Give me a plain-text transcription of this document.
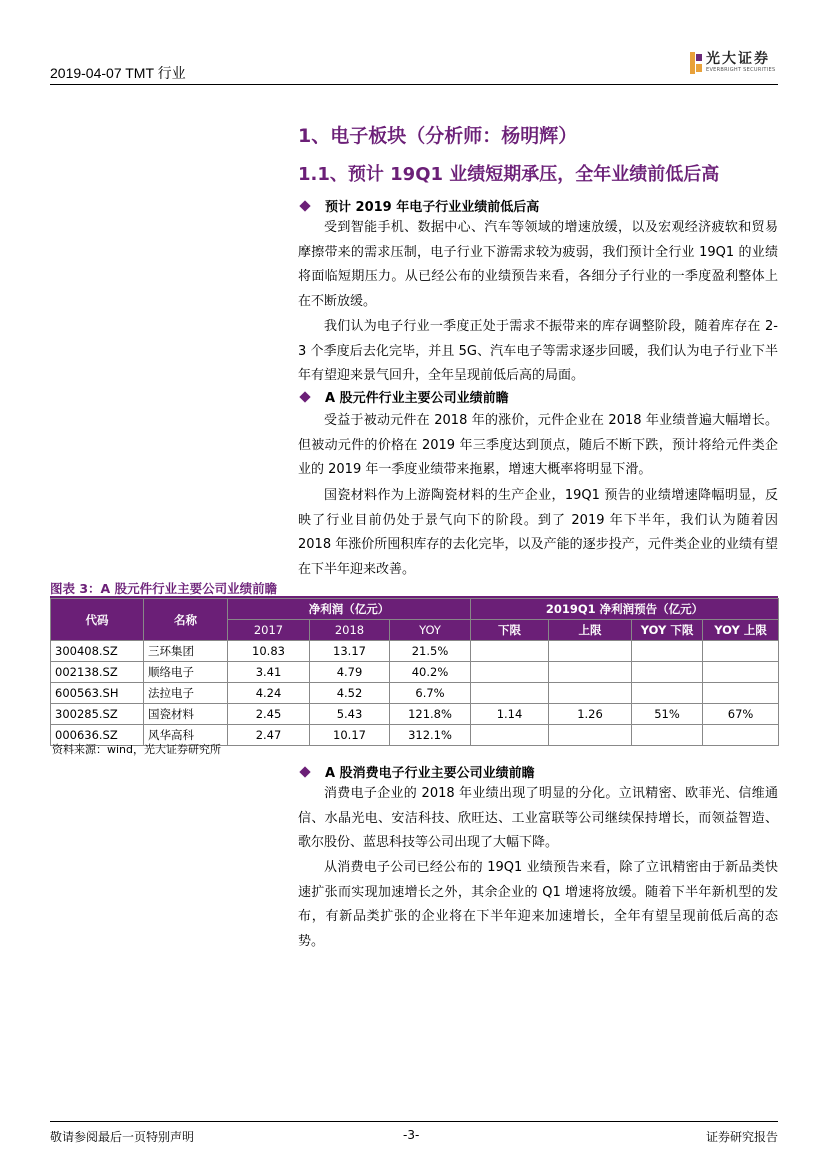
2019-04-07 TMT 行业
光大证券
EVERBRIGHT SECURITIES
1、电子板块（分析师：杨明辉）
1.1、预计 19Q1 业绩短期承压，全年业绩前低后高
预计 2019 年电子行业业绩前低后高
受到智能手机、数据中心、汽车等领域的增速放缓，以及宏观经济疲软和贸易摩擦带来的需求压制，电子行业下游需求较为疲弱，我们预计全行业 19Q1 的业绩将面临短期压力。从已经公布的业绩预告来看，各细分子行业的一季度盈利整体上在不断放缓。
我们认为电子行业一季度正处于需求不振带来的库存调整阶段，随着库存在 2-3 个季度后去化完毕，并且 5G、汽车电子等需求逐步回暖，我们认为电子行业下半年有望迎来景气回升，全年呈现前低后高的局面。
A 股元件行业主要公司业绩前瞻
受益于被动元件在 2018 年的涨价，元件企业在 2018 年业绩普遍大幅增长。但被动元件的价格在 2019 年三季度达到顶点，随后不断下跌，预计将给元件类企业的 2019 年一季度业绩带来拖累，增速大概率将明显下滑。
国瓷材料作为上游陶瓷材料的生产企业，19Q1 预告的业绩增速降幅明显，反映了行业目前仍处于景气向下的阶段。到了 2019 年下半年，我们认为随着因 2018 年涨价所囤积库存的去化完毕，以及产能的逐步投产，元件类企业的业绩有望在下半年迎来改善。
图表 3：A 股元件行业主要公司业绩前瞻
代码	名称	净利润（亿元）			2019Q1 净利润预告（亿元）			
		2017	2018	YOY	下限	上限	YOY 下限	YOY 上限
300408.SZ	三环集团	10.83	13.17	21.5%				
002138.SZ	顺络电子	3.41	4.79	40.2%				
600563.SH	法拉电子	4.24	4.52	6.7%				
300285.SZ	国瓷材料	2.45	5.43	121.8%	1.14	1.26	51%	67%
000636.SZ	风华高科	2.47	10.17	312.1%				
资料来源：wind，光大证券研究所
A 股消费电子行业主要公司业绩前瞻
消费电子企业的 2018 年业绩出现了明显的分化。立讯精密、欧菲光、信维通信、水晶光电、安洁科技、欣旺达、工业富联等公司继续保持增长，而领益智造、歌尔股份、蓝思科技等公司出现了大幅下降。
从消费电子公司已经公布的 19Q1 业绩预告来看，除了立讯精密由于新品类快速扩张而实现加速增长之外，其余企业的 Q1 增速将放缓。随着下半年新机型的发布，有新品类扩张的企业将在下半年迎来加速增长，全年有望呈现前低后高的态势。
敬请参阅最后一页特别声明	-3-	证券研究报告
